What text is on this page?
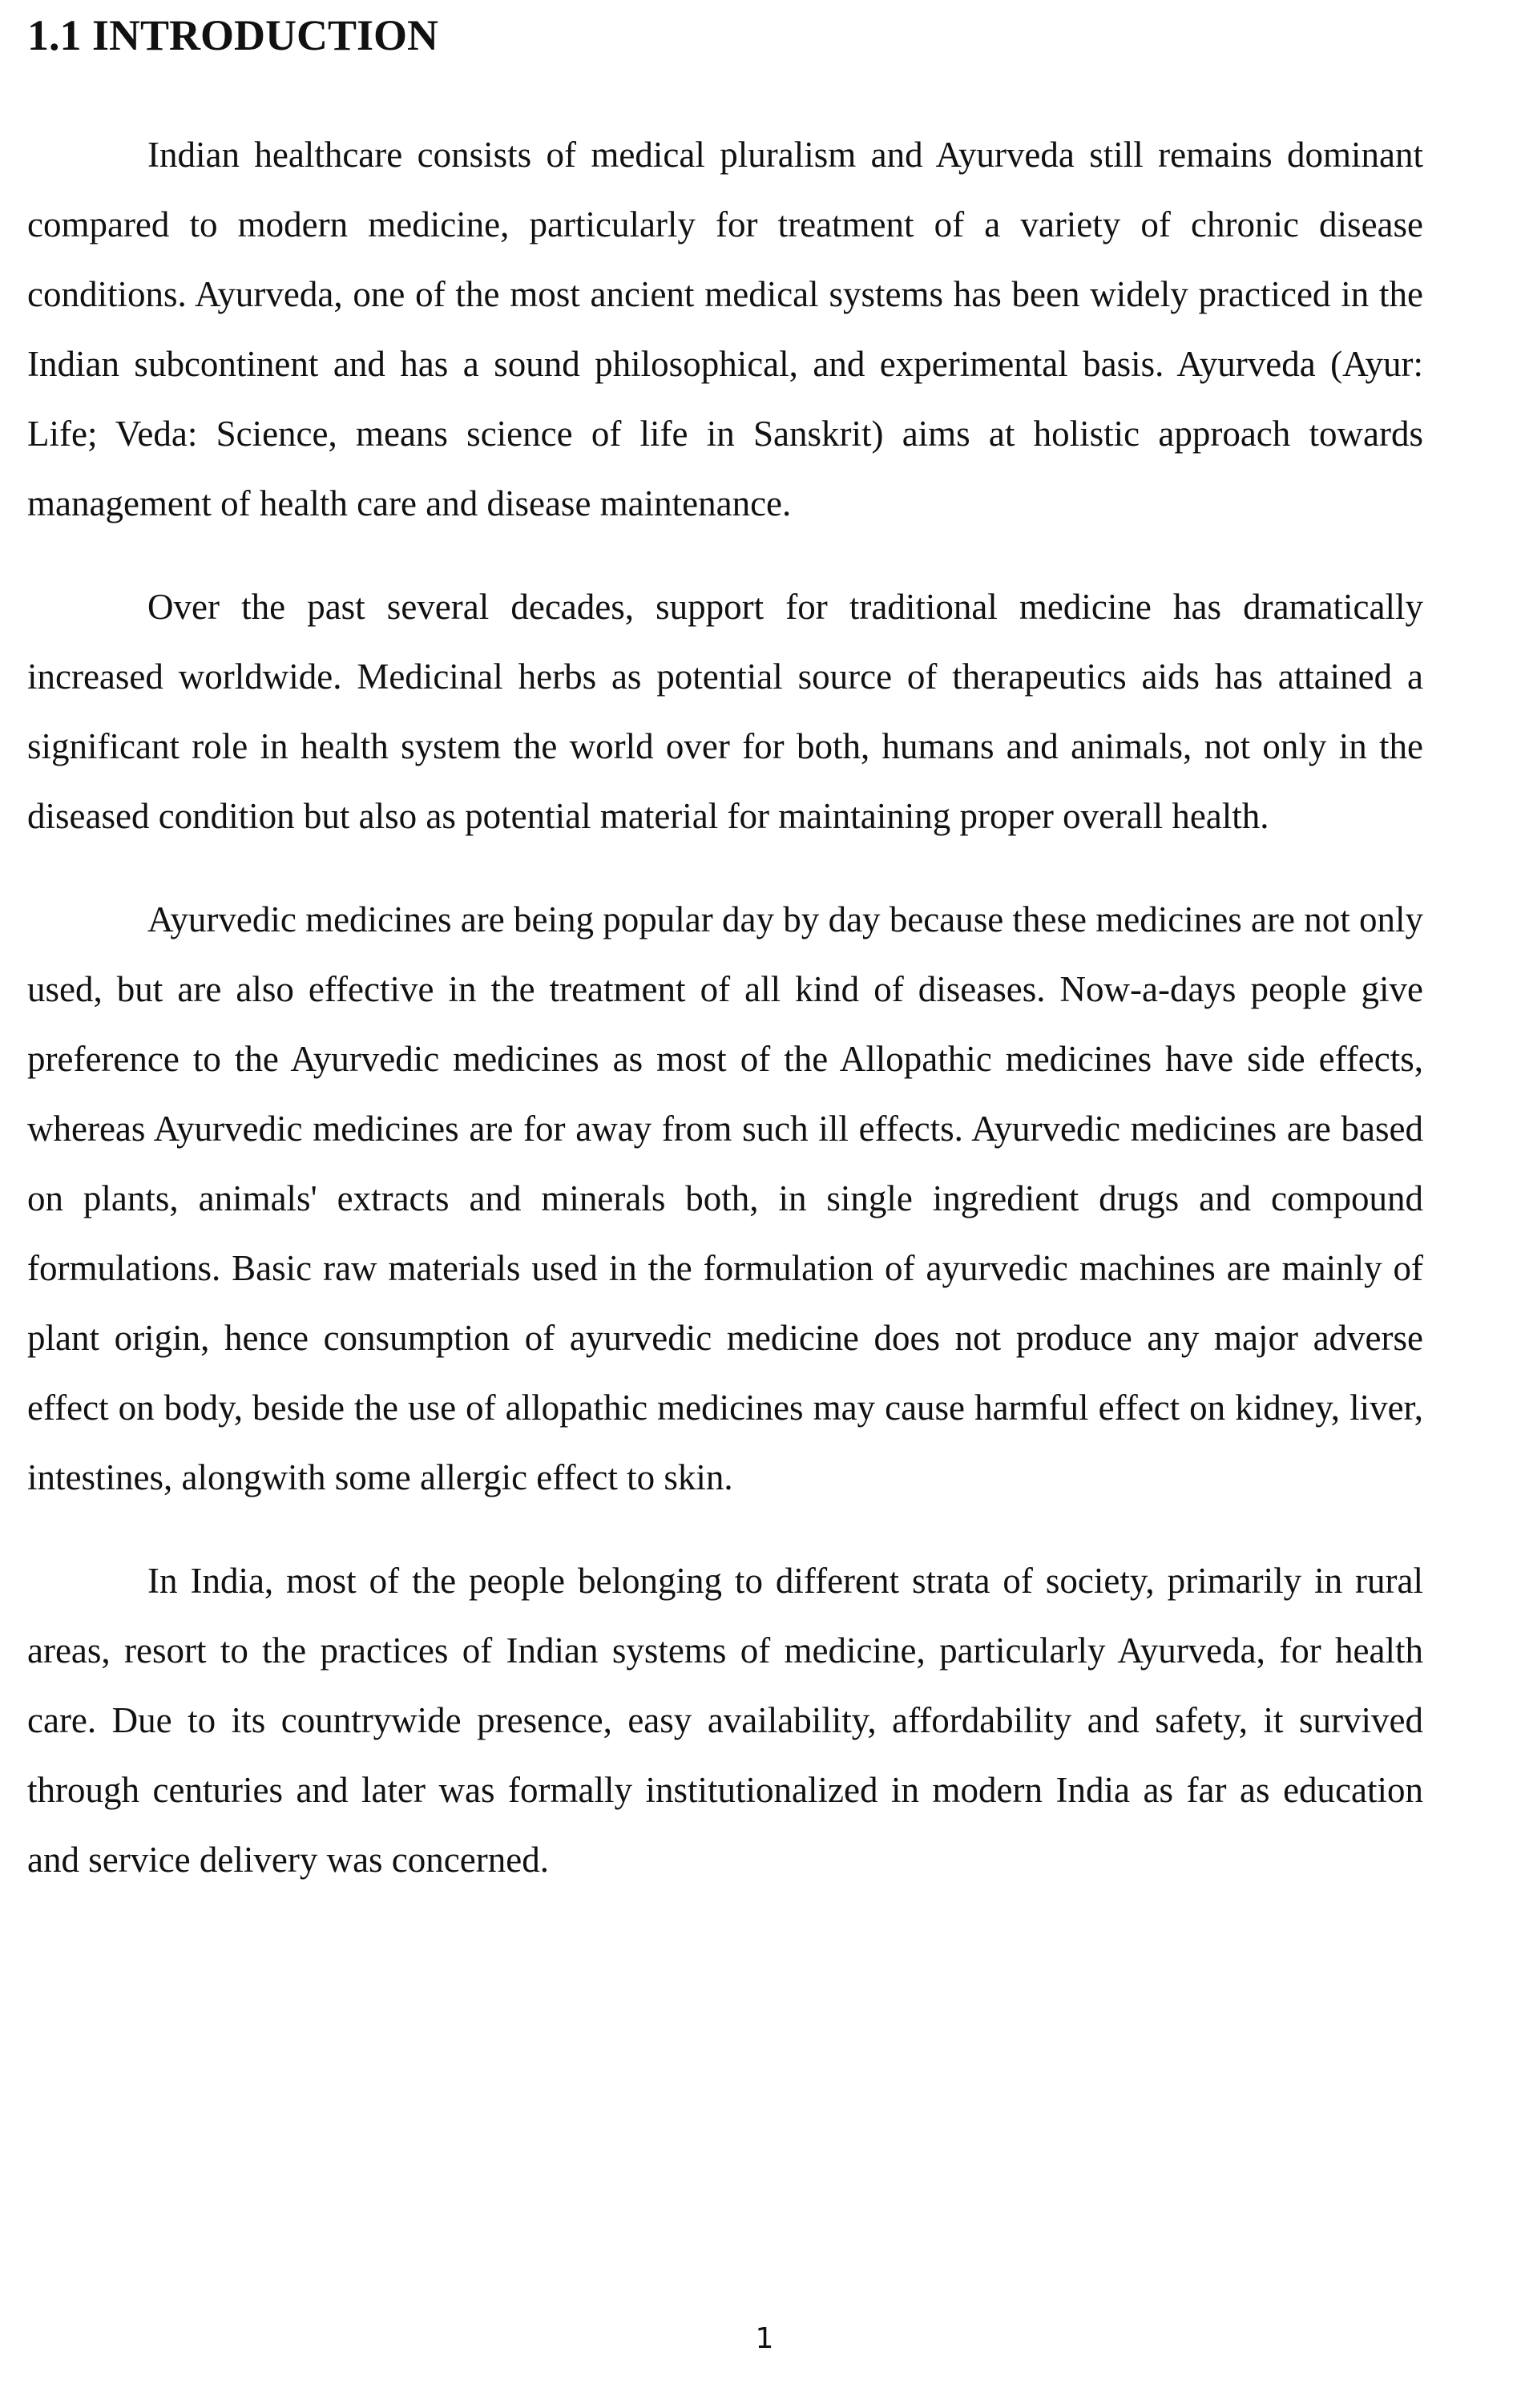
1.1 INTRODUCTION

Indian healthcare consists of medical pluralism and Ayurveda still remains dominant compared to modern medicine, particularly for treatment of a variety of chronic disease conditions. Ayurveda, one of the most ancient medical systems has been widely practiced in the Indian subcontinent and has a sound philosophical, and experimental basis. Ayurveda (Ayur: Life; Veda: Science, means science of life in Sanskrit) aims at holistic approach towards management of health care and disease maintenance.

Over the past several decades, support for traditional medicine has dramatically increased worldwide. Medicinal herbs as potential source of therapeutics aids has attained a significant role in health system the world over for both, humans and animals, not only in the diseased condition but also as potential material for maintaining proper overall health.

Ayurvedic medicines are being popular day by day because these medicines are not only used, but are also effective in the treatment of all kind of diseases. Now-a-days people give preference to the Ayurvedic medicines as most of the Allopathic medicines have side effects, whereas Ayurvedic medicines are for away from such ill effects. Ayurvedic medicines are based on plants, animals' extracts and minerals both, in single ingredient drugs and compound formulations. Basic raw materials used in the formulation of ayurvedic machines are mainly of plant origin, hence consumption of ayurvedic medicine does not produce any major adverse effect on body, beside the use of allopathic medicines may cause harmful effect on kidney, liver, intestines, alongwith some allergic effect to skin.

In India, most of the people belonging to different strata of society, primarily in rural areas, resort to the practices of Indian systems of medicine, particularly Ayurveda, for health care. Due to its countrywide presence, easy availability, affordability and safety, it survived through centuries and later was formally institutionalized in modern India as far as education and service delivery was concerned.

1
